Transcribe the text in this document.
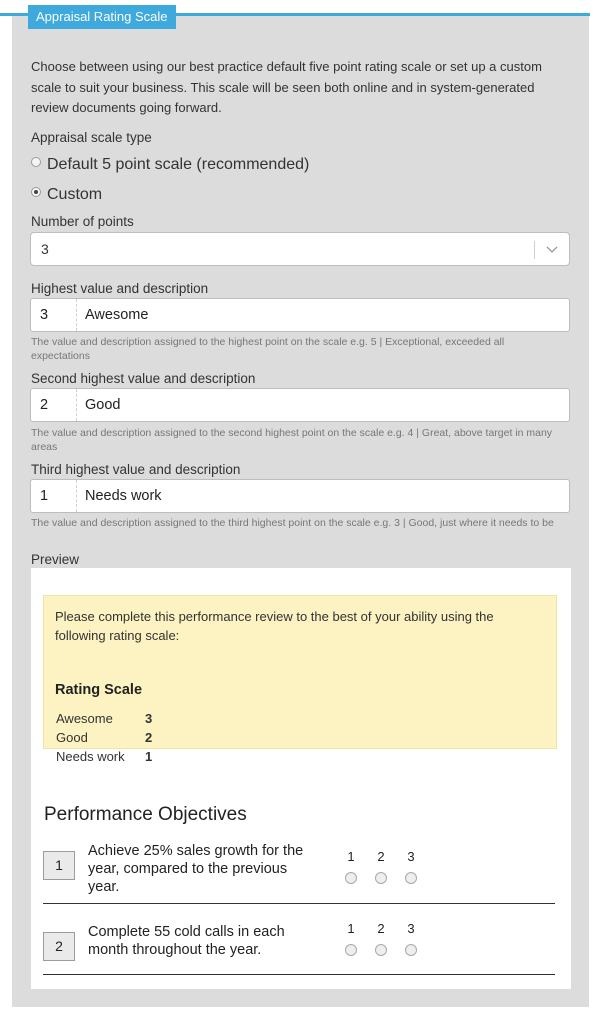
Appraisal Rating Scale
Choose between using our best practice default five point rating scale or set up a custom scale to suit your business. This scale will be seen both online and in system-generated review documents going forward.
Appraisal scale type
Default 5 point scale (recommended)
Custom
Number of points
3
Highest value and description
3	Awesome
The value and description assigned to the highest point on the scale e.g. 5 | Exceptional, exceeded all expectations
Second highest value and description
2	Good
The value and description assigned to the second highest point on the scale e.g. 4 | Great, above target in many areas
Third highest value and description
1	Needs work
The value and description assigned to the third highest point on the scale e.g. 3 | Good, just where it needs to be
Preview
Please complete this performance review to the best of your ability using the following rating scale:
Rating Scale
Awesome 3
Good	2
Needs work 1
Performance Objectives
1
Achieve 25% sales growth for the year, compared to the previous year.
1 2 3
2
Complete 55 cold calls in each month throughout the year.
1 2 3
